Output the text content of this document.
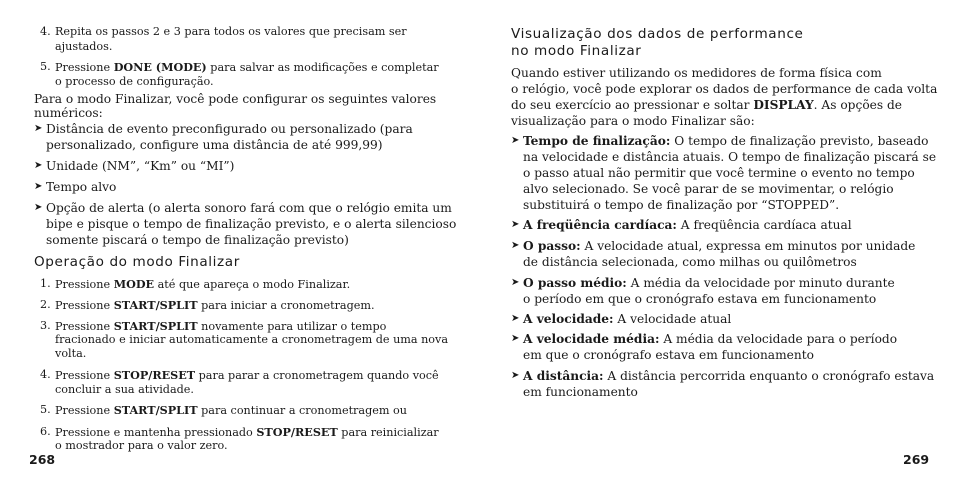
4. Repita os passos 2 e 3 para todos os valores que precisam ser
ajustados.
5. Pressione DONE (MODE) para salvar as modificações e completar
o processo de configuração.
Para o modo Finalizar, você pode configurar os seguintes valores
numéricos:
➤ Distância de evento preconfigurado ou personalizado (para
personalizado, configure uma distância de até 999,99)
➤ Unidade (NM”, “Km” ou “MI”)
➤ Tempo alvo
➤ Opção de alerta (o alerta sonoro fará com que o relógio emita um
bipe e pisque o tempo de finalização previsto, e o alerta silencioso
somente piscará o tempo de finalização previsto)
Operação do modo Finalizar
1. Pressione MODE até que apareça o modo Finalizar.
2. Pressione START/SPLIT para iniciar a cronometragem.
3. Pressione START/SPLIT novamente para utilizar o tempo
fracionado e iniciar automaticamente a cronometragem de uma nova
volta.
4. Pressione STOP/RESET para parar a cronometragem quando você
concluir a sua atividade.
5. Pressione START/SPLIT para continuar a cronometragem ou
6. Pressione e mantenha pressionado STOP/RESET para reinicializar
o mostrador para o valor zero.
268
Visualização dos dados de performance
no modo Finalizar
Quando estiver utilizando os medidores de forma física com
o relógio, você pode explorar os dados de performance de cada volta
do seu exercício ao pressionar e soltar DISPLAY. As opções de
visualização para o modo Finalizar são:
➤ Tempo de finalização: O tempo de finalização previsto, baseado
na velocidade e distância atuais. O tempo de finalização piscará se
o passo atual não permitir que você termine o evento no tempo
alvo selecionado. Se você parar de se movimentar, o relógio
substituirá o tempo de finalização por “STOPPED”.
➤ A freqüência cardíaca: A freqüência cardíaca atual
➤ O passo: A velocidade atual, expressa em minutos por unidade
de distância selecionada, como milhas ou quilômetros
➤ O passo médio: A média da velocidade por minuto durante
o período em que o cronógrafo estava em funcionamento
➤ A velocidade: A velocidade atual
➤ A velocidade média: A média da velocidade para o período
em que o cronógrafo estava em funcionamento
➤ A distância: A distância percorrida enquanto o cronógrafo estava
em funcionamento
269
